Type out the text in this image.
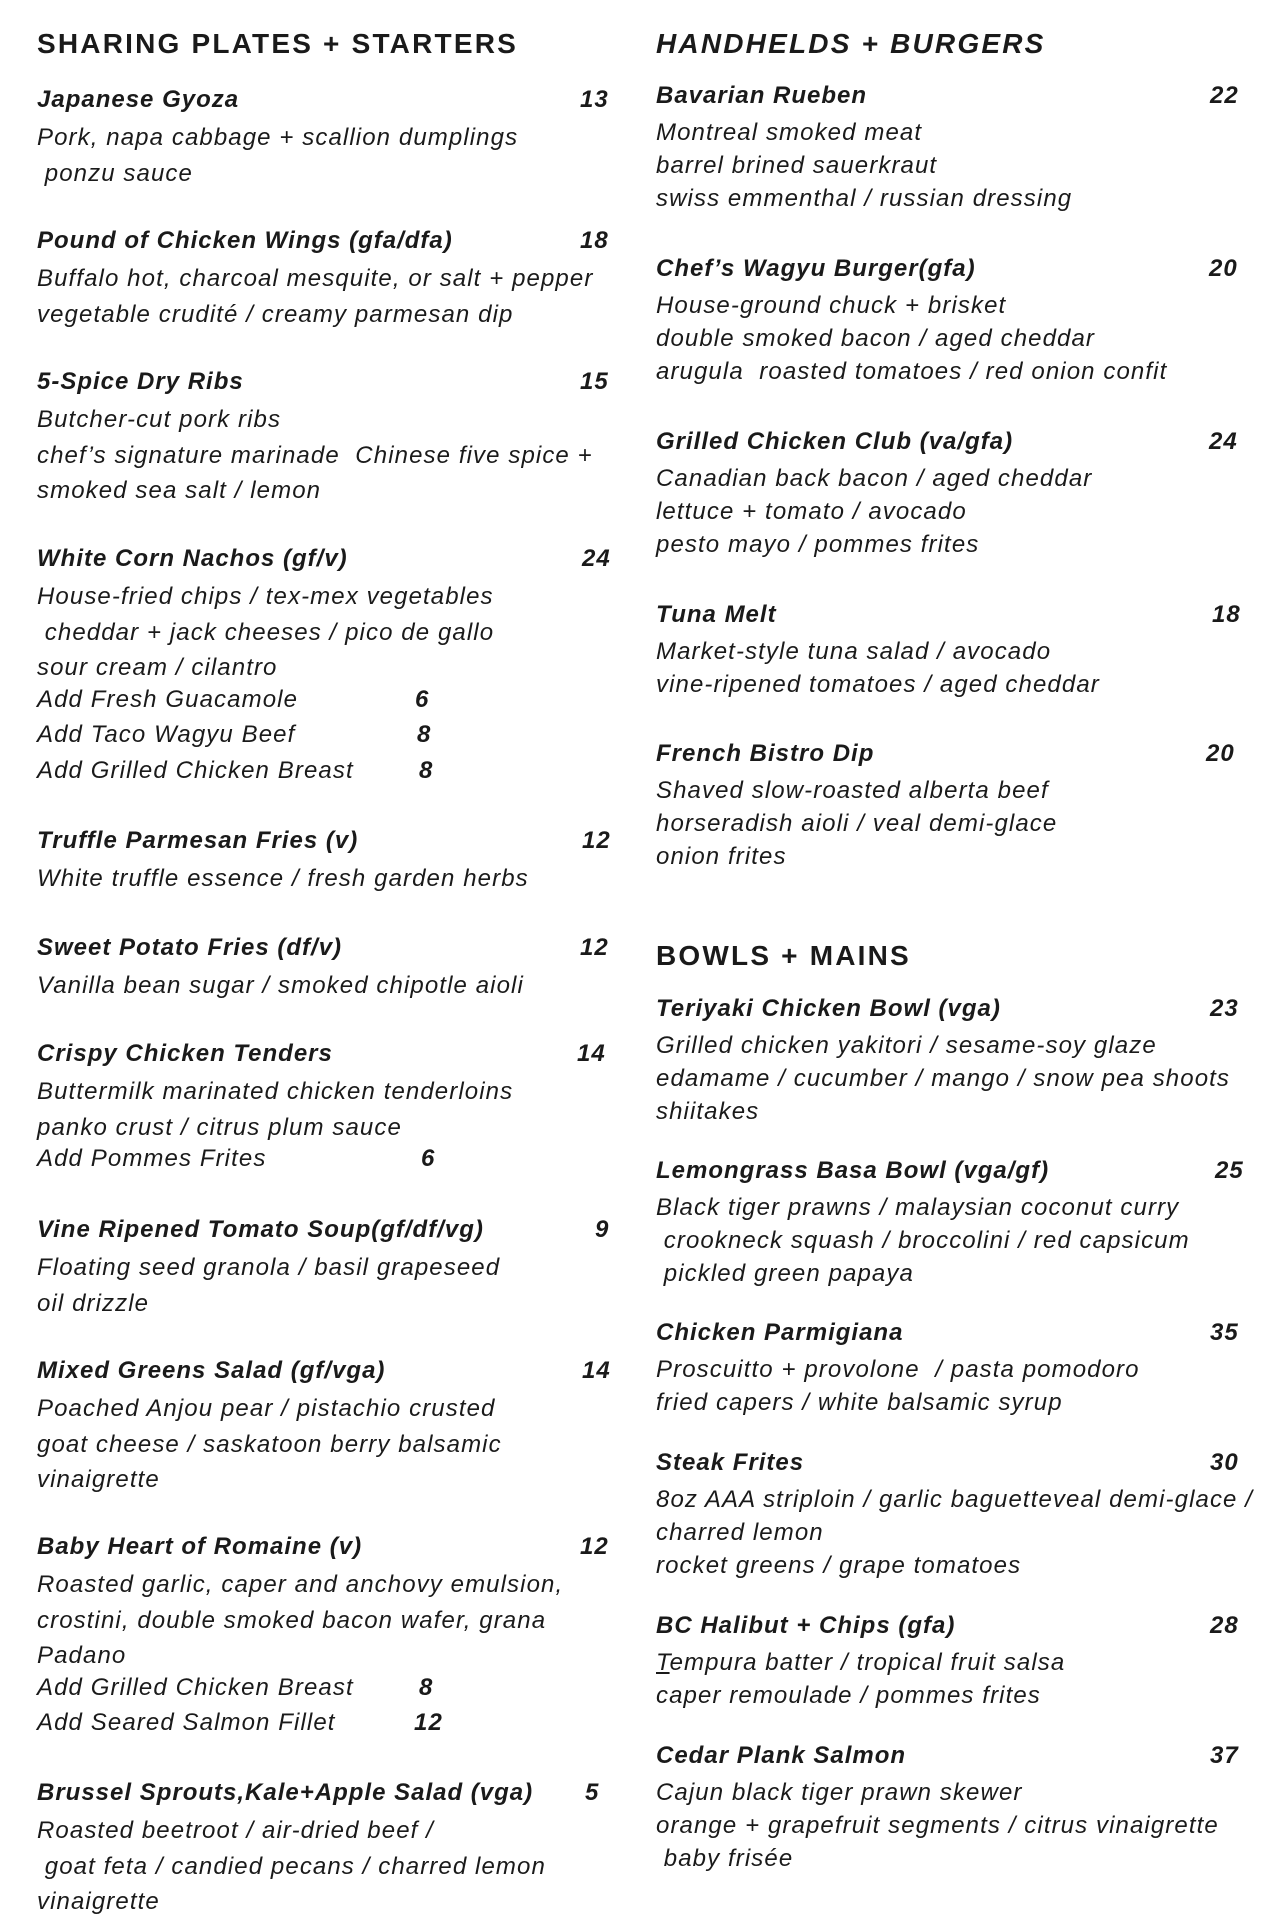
SHARING PLATES + STARTERS
Japanese Gyoza	13
Pork, napa cabbage + scallion dumplings
ponzu sauce
Pound of Chicken Wings (gfa/dfa)	18
Buffalo hot, charcoal mesquite, or salt + pepper
vegetable crudité / creamy parmesan dip
5-Spice Dry Ribs	15
Butcher-cut pork ribs
chef’s signature marinade  Chinese five spice +
smoked sea salt / lemon
White Corn Nachos (gf/v)	24
House-fried chips / tex-mex vegetables
cheddar + jack cheeses / pico de gallo
sour cream / cilantro
Add Fresh Guacamole	6
Add Taco Wagyu Beef	8
Add Grilled Chicken Breast	8
Truffle Parmesan Fries (v)	12
White truffle essence / fresh garden herbs
Sweet Potato Fries (df/v)	12
Vanilla bean sugar / smoked chipotle aioli
Crispy Chicken Tenders	14
Buttermilk marinated chicken tenderloins
panko crust / citrus plum sauce
Add Pommes Frites	6
Vine Ripened Tomato Soup(gf/df/vg)	9
Floating seed granola / basil grapeseed
oil drizzle
Mixed Greens Salad (gf/vga)	14
Poached Anjou pear / pistachio crusted
goat cheese / saskatoon berry balsamic
vinaigrette
Baby Heart of Romaine (v)	12
Roasted garlic, caper and anchovy emulsion,
crostini, double smoked bacon wafer, grana
Padano
Add Grilled Chicken Breast	8
Add Seared Salmon Fillet	12
Brussel Sprouts,Kale+Apple Salad (vga) 5
Roasted beetroot / air-dried beef /
goat feta / candied pecans / charred lemon
vinaigrette
HANDHELDS + BURGERS
Bavarian Rueben	22
Montreal smoked meat
barrel brined sauerkraut
swiss emmenthal / russian dressing
Chef’s Wagyu Burger(gfa)	20
House-ground chuck + brisket
double smoked bacon / aged cheddar
arugula  roasted tomatoes / red onion confit
Grilled Chicken Club (va/gfa)	24
Canadian back bacon / aged cheddar
lettuce + tomato / avocado
pesto mayo / pommes frites
Tuna Melt	18
Market-style tuna salad / avocado
vine-ripened tomatoes / aged cheddar
French Bistro Dip	20
Shaved slow-roasted alberta beef
horseradish aioli / veal demi-glace
onion frites
BOWLS + MAINS
Teriyaki Chicken Bowl (vga)	23
Grilled chicken yakitori / sesame-soy glaze
edamame / cucumber / mango / snow pea shoots
shiitakes
Lemongrass Basa Bowl (vga/gf)	25
Black tiger prawns / malaysian coconut curry
crookneck squash / broccolini / red capsicum
pickled green papaya
Chicken Parmigiana	35
Proscuitto + provolone  / pasta pomodoro
fried capers / white balsamic syrup
Steak Frites	30
8oz AAA striploin / garlic baguetteveal demi-glace /
charred lemon
rocket greens / grape tomatoes
BC Halibut + Chips (gfa)	28
Tempura batter / tropical fruit salsa
caper remoulade / pommes frites
Cedar Plank Salmon	37
Cajun black tiger prawn skewer
orange + grapefruit segments / citrus vinaigrette
baby frisée
